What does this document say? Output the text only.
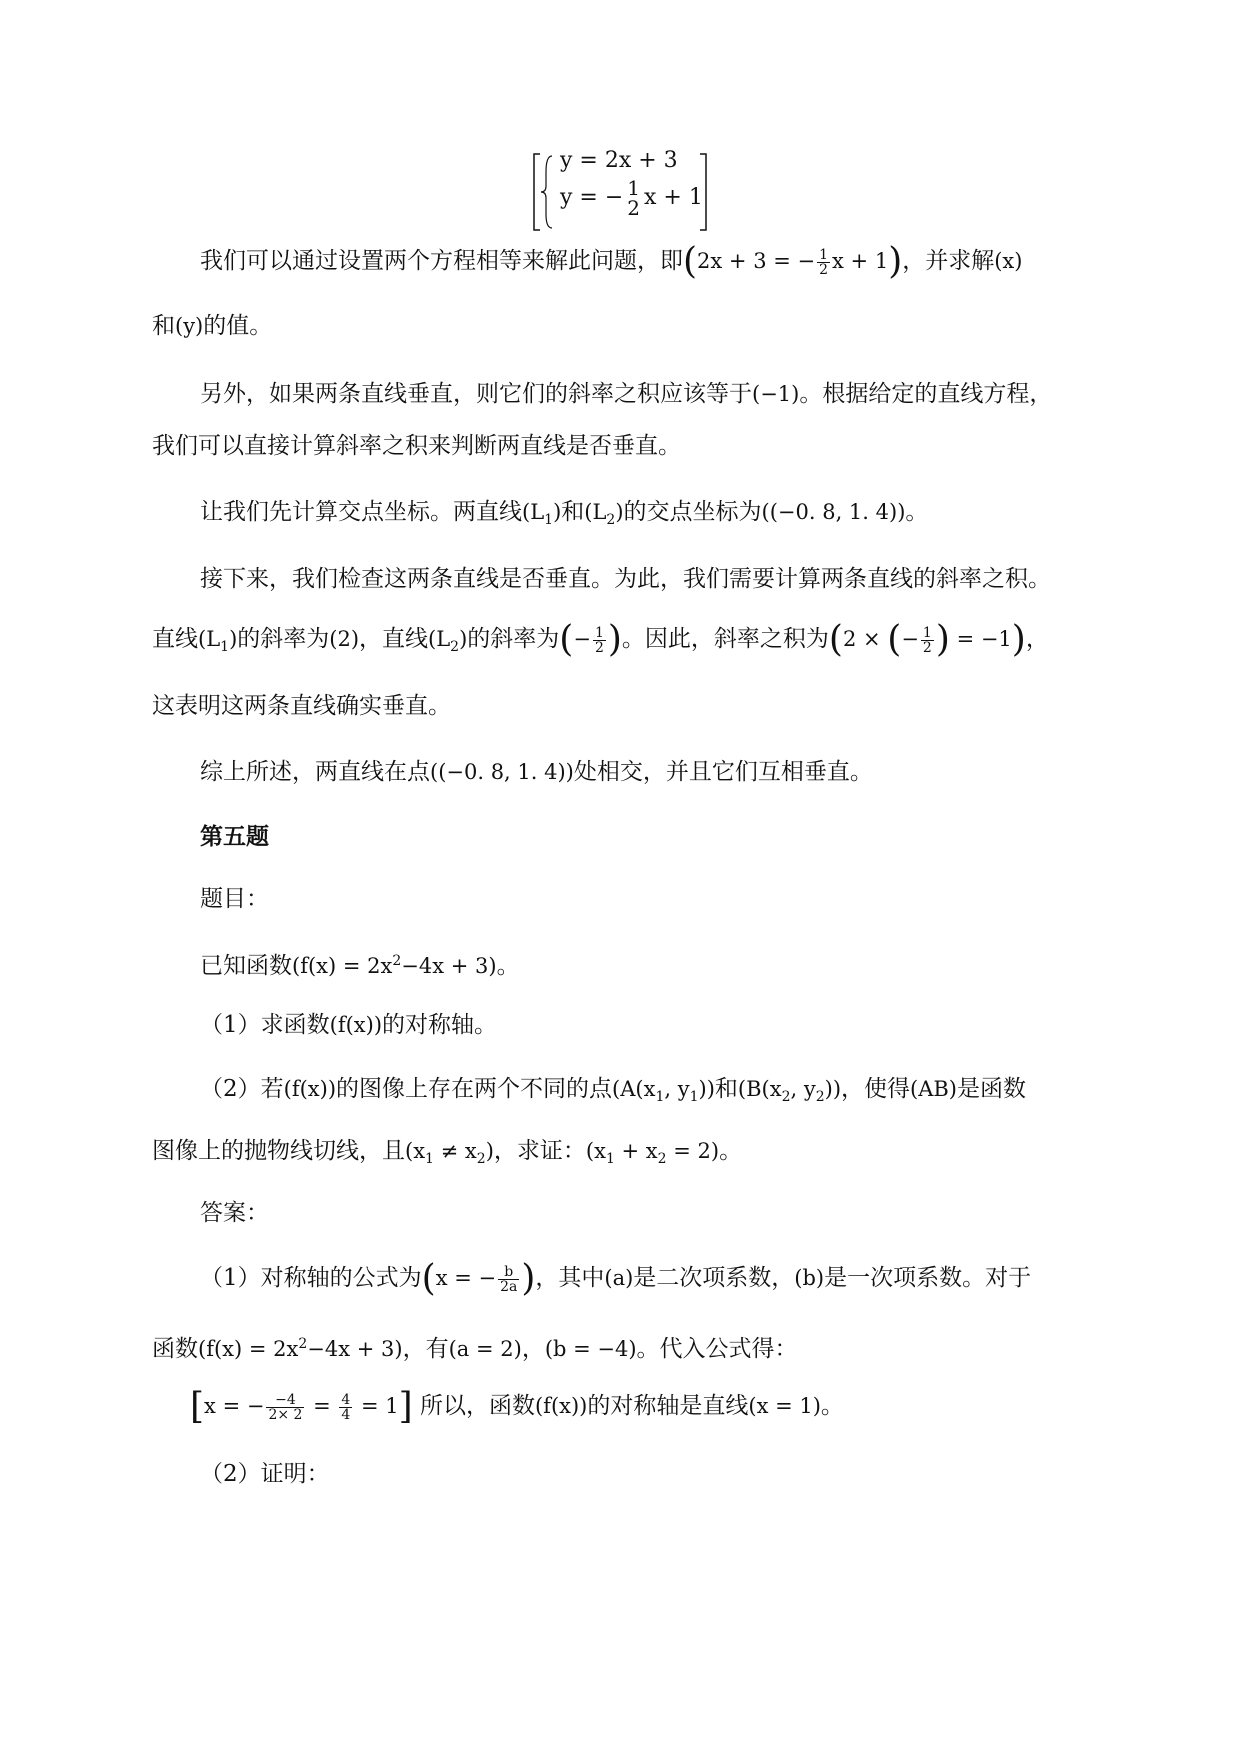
y = 2x + 3
y = − 1
2 x + 1
我们可以通过设置两个方程相等来解此问题，即(2x + 3 = − $\frac{1}{2}$ x + 1)，并求解(x)
和(y)的值。
另外，如果两条直线垂直，则它们的斜率之积应该等于(−1)。根据给定的直线方程，
我们可以直接计算斜率之积来判断两直线是否垂直。
让我们先计算交点坐标。两直线$(L_1)$和$(L_2)$的交点坐标为((−0. 8, 1. 4))。
接下来，我们检查这两条直线是否垂直。为此，我们需要计算两条直线的斜率之积。
直线$(L_1)$的斜率为(2)，直线$(L_2)$的斜率为(− $\frac{1}{2}$ )。因此，斜率之积为(2 × (− $\frac{1}{2}$ ) = −1)，
这表明这两条直线确实垂直。
综上所述，两直线在点((−0. 8, 1. 4))处相交，并且它们互相垂直。
第五题
题目：
已知函数$(f(x) = 2x^2-4x + 3)$。
（1）求函数(f(x))的对称轴。
（2）若(f(x))的图像上存在两个不同的点($A(x_1$, $y_1$))和($B(x_2$, $y_2$))，使得(AB)是函数
图像上的抛物线切线，且$(x_1 \ne x_2)$，求证：$(x_1 + x_2 = 2)$。
答案：
（1）对称轴的公式为(x = − $\frac{b}{2a}$ )，其中(a)是二次项系数，(b)是一次项系数。对于
函数$(f(x) = 2x^2-4x + 3)$，有(a = 2)，(b = −4)。代入公式得：
[x = − $\frac{-4}{2\times 2} = \frac{4}{4} = 1$] 所以，函数(f(x))的对称轴是直线(x = 1)。
（2）证明：
